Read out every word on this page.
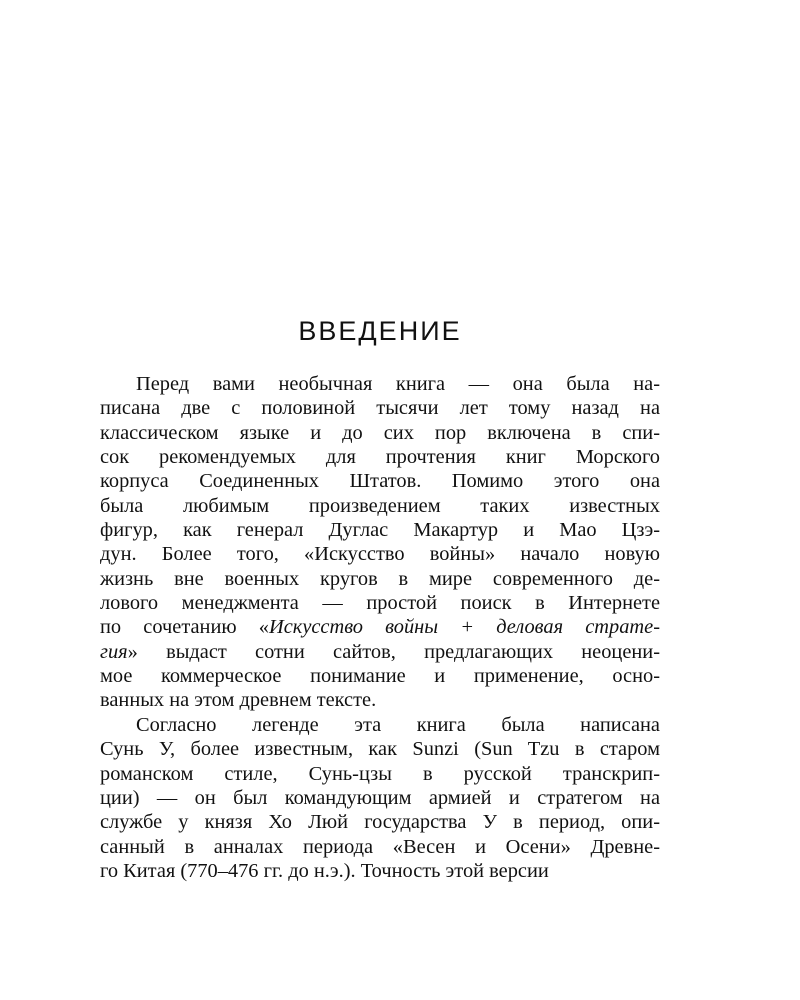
ВВЕДЕНИЕ
Перед вами необычная книга — она была на-
писана две с половиной тысячи лет тому назад на
классическом языке и до сих пор включена в спи-
сок рекомендуемых для прочтения книг Морского
корпуса Соединенных Штатов. Помимо этого она
была любимым произведением таких известных
фигур, как генерал Дуглас Макартур и Мао Цзэ-
дун. Более того, «Искусство войны» начало новую
жизнь вне военных кругов в мире современного де-
лового менеджмента — простой поиск в Интернете
по сочетанию «Искусство войны + деловая страте-
гия» выдаст сотни сайтов, предлагающих неоцени-
мое коммерческое понимание и применение, осно-
ванных на этом древнем тексте.
Согласно легенде эта книга была написана
Сунь У, более известным, как Sunzi (Sun Tzu в старом
романском стиле, Сунь-цзы в русской транскрип-
ции) — он был командующим армией и стратегом на
службе у князя Хо Люй государства У в период, опи-
санный в анналах периода «Весен и Осени» Древне-
го Китая (770–476 гг. до н.э.). Точность этой версии
